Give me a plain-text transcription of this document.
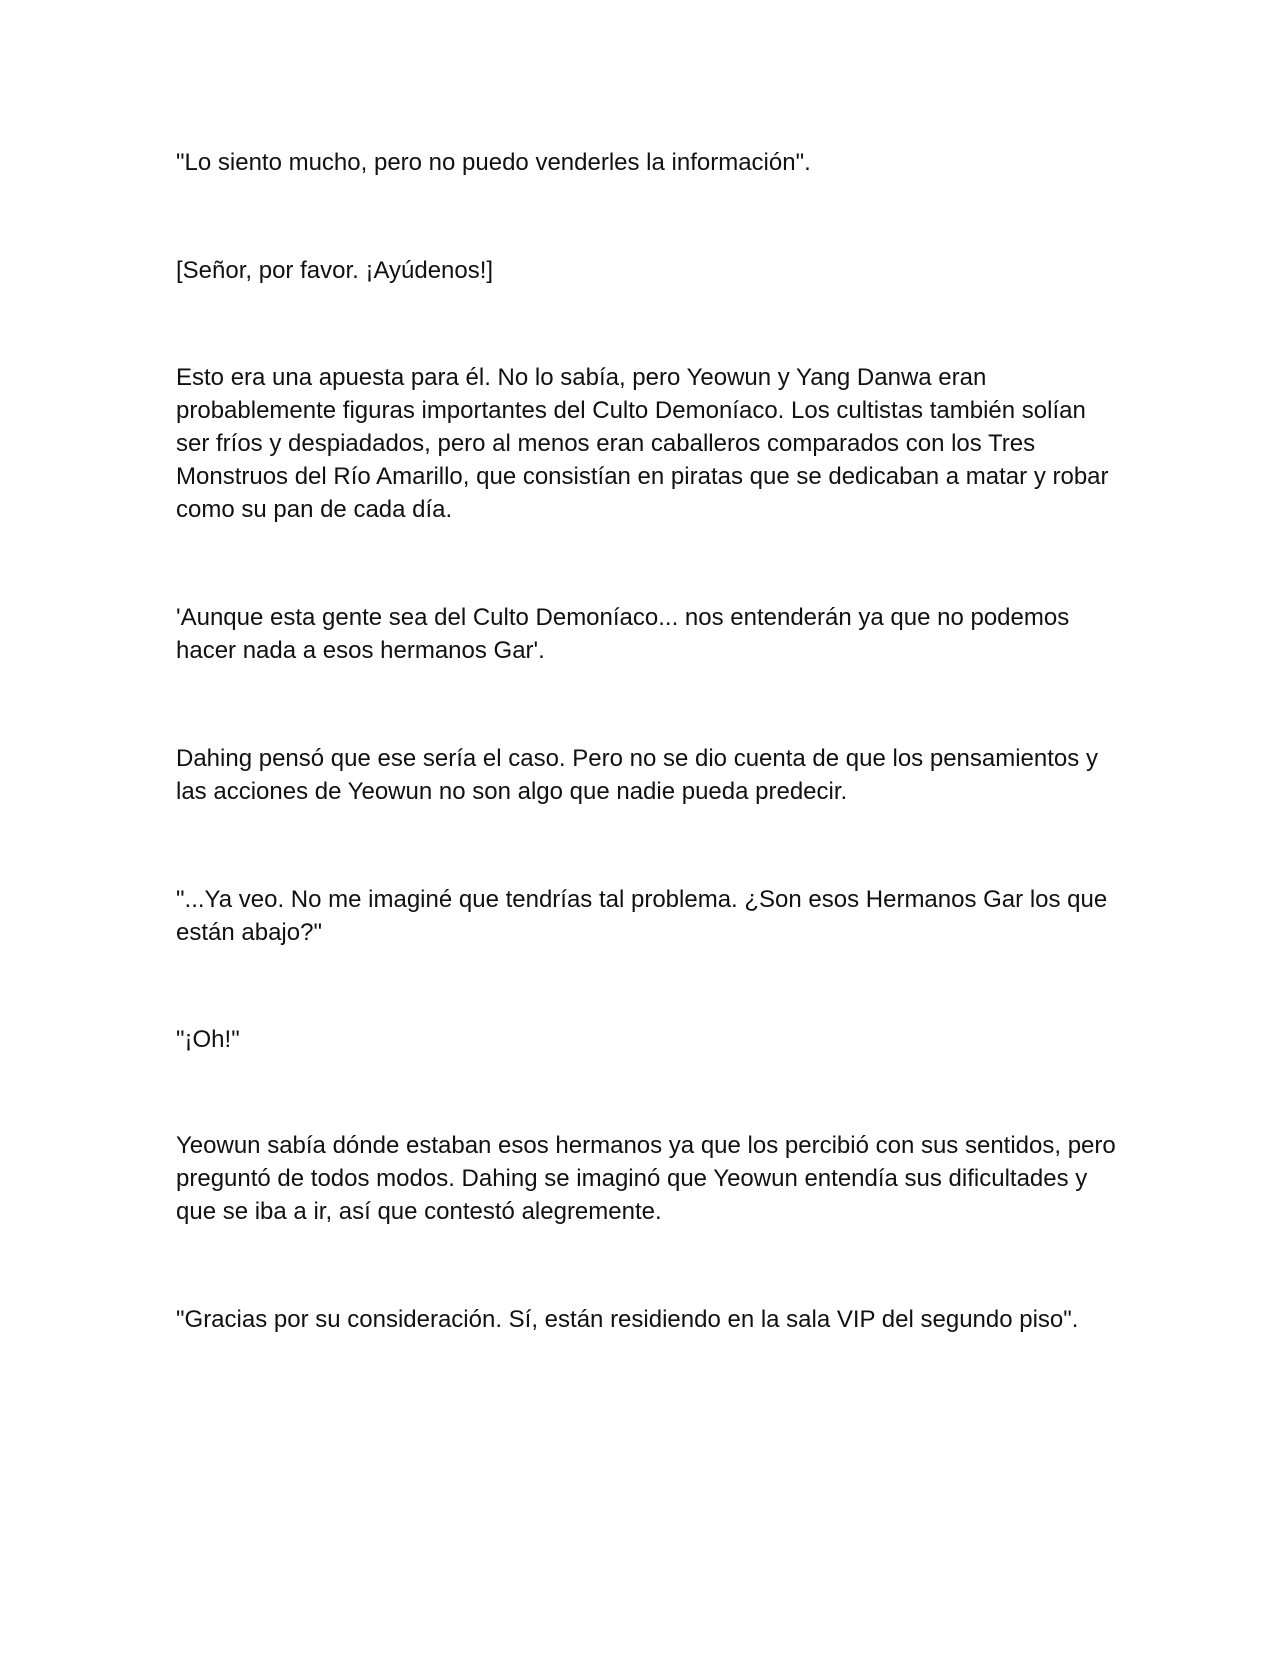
"Lo siento mucho, pero no puedo venderles la información".

[Señor, por favor. ¡Ayúdenos!]

Esto era una apuesta para él. No lo sabía, pero Yeowun y Yang Danwa eran probablemente figuras importantes del Culto Demoníaco. Los cultistas también solían ser fríos y despiadados, pero al menos eran caballeros comparados con los Tres Monstruos del Río Amarillo, que consistían en piratas que se dedicaban a matar y robar como su pan de cada día.

'Aunque esta gente sea del Culto Demoníaco... nos entenderán ya que no podemos hacer nada a esos hermanos Gar'.

Dahing pensó que ese sería el caso. Pero no se dio cuenta de que los pensamientos y las acciones de Yeowun no son algo que nadie pueda predecir.

"...Ya veo. No me imaginé que tendrías tal problema. ¿Son esos Hermanos Gar los que están abajo?"

"¡Oh!"

Yeowun sabía dónde estaban esos hermanos ya que los percibió con sus sentidos, pero preguntó de todos modos. Dahing se imaginó que Yeowun entendía sus dificultades y que se iba a ir, así que contestó alegremente.

"Gracias por su consideración. Sí, están residiendo en la sala VIP del segundo piso".
